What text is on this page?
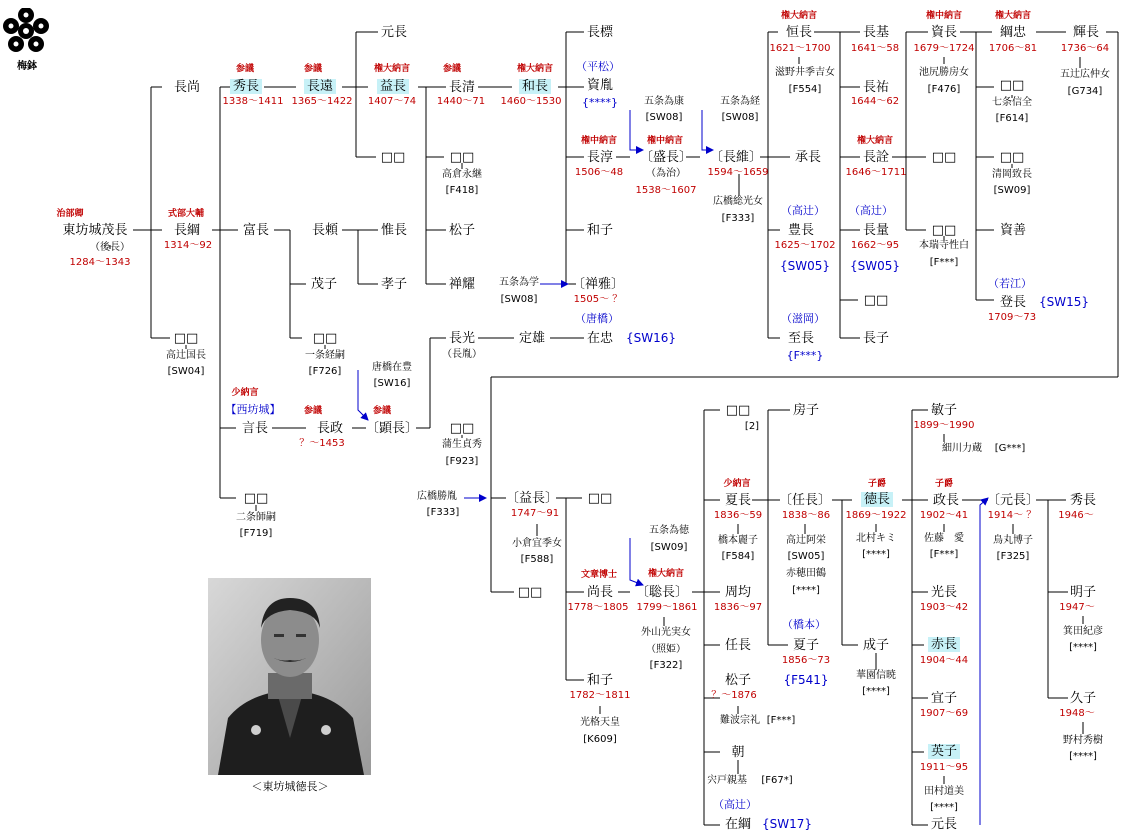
梅鉢
＜東坊城徳長＞
治部卿
東坊城茂長
（後長）
1284～1343
式部大輔
長綱
1314～92
長尚
富長
□□
高辻国長
[SW04]
参議
秀長
1338～1411
少納言
【西坊城】
言長
□□
二条師嗣
[F719]
参議
長遠
1365～1422
長頼
茂子
□□
一条経嗣
[F726]
参議
長政
？～1453
元長
権大納言
益長
1407～74
□□
惟長
孝子
唐橋在豊
[SW16]
参議
〔顕長〕
参議
長清
1440～71
□□
高倉永継
[F418]
松子
禅耀
長光
（長胤）
□□
蒲生貞秀
[F923]
権大納言
和長
1460～1530
定雄
長標
（平松）
資胤
{****}
権中納言
長淳
1506～48
和子
五条為学
[SW08]
〔禅雅〕
1505～ ？
（唐橋）
在忠 {SW16}
五条為康
[SW08]
権中納言
〔盛長〕
（為治）
1538～1607
五条為経
[SW08]
〔長維〕
1594～1659
広橋総光女
[F333]
権大納言
恒長
1621～1700
滋野井季吉女
[F554]
承長
（高辻）
豊長
1625～1702
{SW05}
（滋岡）
至長
{F***}
長基
1641～58
長祐
1644～62
権大納言
長詮
1646～1711
（高辻）
長量
1662～95
{SW05}
□□
長子
権中納言
資長
1679～1724
池尻勝房女
[F476]
□□
□□
本瑞寺性白
[F***]
権大納言
綱忠
1706～81
□□
七条信全
[F614]
□□
清岡致長
[SW09]
資善
（若江）
登長 {SW15}
1709～73
輝長
1736～64
五辻広仲女
[G734]
広橋勝胤
[F333]
〔益長〕
1747～91
小倉宜季女
[F588]
□□
□□
文章博士
尚長
1778～1805
和子
1782～1811
光格天皇
[K609]
五条為徳
[SW09]
権大納言
〔聡長〕
1799～1861
外山光実女
（照姫）
[F322]
□□
[2]
少納言
夏長
1836～59
橋本麗子
[F584]
周均
1836～97
任長
松子
？～1876
難波宗礼 [F***]
朝
宍戸親基 [F67*]
（高辻）
在綱 {SW17}
房子
〔任長〕
1838～86
高辻阿栄
[SW05]
赤穂田鶴
[****]
（橋本）
夏子
1856～73
{F541}
子爵
徳長
1869～1922
北村キミ
[****]
成子
華園信暁
[****]
敏子
1899～1990
細川力蔵 [G***]
子爵
政長
1902～41
佐藤　愛
[F***]
光長
1903～42
赤長
1904～44
宜子
1907～69
英子
1911～95
田村道美
[****]
元長
〔元長〕
1914～ ？
鳥丸博子
[F325]
秀長
1946～
明子
1947～
箕田紀彦
[****]
久子
1948～
野村秀樹
[****]
